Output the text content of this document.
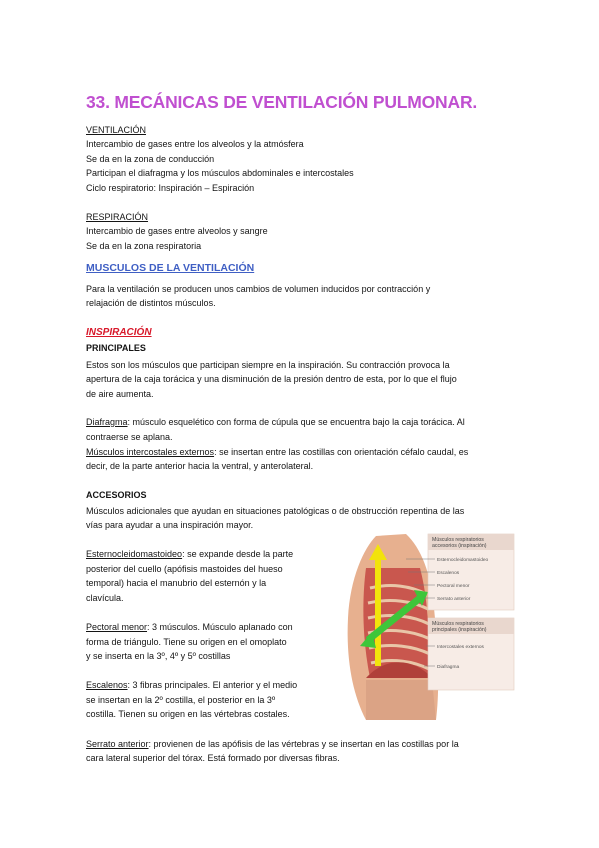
33. MECÁNICAS DE VENTILACIÓN PULMONAR.
VENTILACIÓN
Intercambio de gases entre los alveolos y la atmósfera
Se da en la zona de conducción
Participan el diafragma y los músculos abdominales e intercostales
Ciclo respiratorio: Inspiración – Espiración
RESPIRACIÓN
Intercambio de gases entre alveolos y sangre
Se da en la zona respiratoria
MUSCULOS DE LA VENTILACIÓN
Para la ventilación se producen unos cambios de volumen inducidos por contracción y
relajación de distintos músculos.
INSPIRACIÓN
PRINCIPALES
Estos son los músculos que participan siempre en la inspiración. Su contracción provoca la
apertura de la caja torácica y una disminución de la presión dentro de esta, por lo que el flujo
de aire aumenta.
Diafragma: músculo esquelético con forma de cúpula que se encuentra bajo la caja torácica. Al
contraerse se aplana.
Músculos intercostales externos: se insertan entre las costillas con orientación céfalo caudal, es
decir, de la parte anterior hacia la ventral, y anterolateral.
ACCESORIOS
Músculos adicionales que ayudan en situaciones patológicas o de obstrucción repentina de las
vías para ayudar a una inspiración mayor.
Esternocleidomastoideo: se expande desde la parte
posterior del cuello (apófisis mastoides del hueso
temporal) hacia el manubrio del esternón y la
clavícula.
Pectoral menor: 3 músculos. Músculo aplanado con
forma de triángulo. Tiene su origen en el omoplato
y se inserta en la 3º, 4º y 5º costillas
Escalenos: 3 fibras principales. El anterior y el medio
se insertan en la 2º costilla, el posterior en la 3º
costilla. Tienen su origen en las vértebras costales.
Serrato anterior: provienen de las apófisis de las vértebras y se insertan en las costillas por la
cara lateral superior del tórax. Está formado por diversas fibras.
Músculos respiratorios
accesorios (inspiración)
Esternocleidomastoideo
Escalenos
Pectoral menor
Serrato anterior
Músculos respiratorios
principales (inspiración)
Intercostales externos
Diafragma
